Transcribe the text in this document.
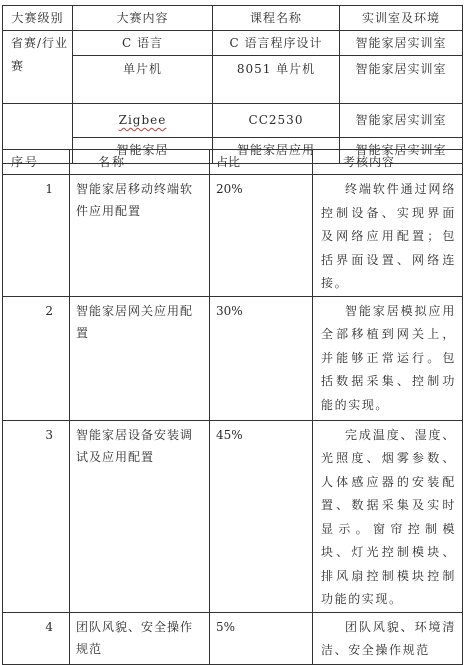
大赛级别	大赛内容	课程名称	实训室及环境
省赛/行业赛	C 语言	C 语言程序设计	智能家居实训室
	单片机	8051 单片机	智能家居实训室
	Zigbee	CC2530	智能家居实训室
	智能家居	智能家居应用	智能家居实训室
序号	名称	占比	考核内容
1	智能家居移动终端软件应用配置	20%	终端软件通过网络控制设备、实现界面及网络应用配置；包括界面设置、网络连接。
2	智能家居网关应用配置	30%	智能家居模拟应用全部移植到网关上，并能够正常运行。包括数据采集、控制功能的实现。
3	智能家居设备安装调试及应用配置	45%	完成温度、湿度、光照度、烟雾参数、人体感应器的安装配置、数据采集及实时显示。窗帘控制模块、灯光控制模块、排风扇控制模块控制功能的实现。
4	团队风貌、安全操作规范	5%	团队风貌、环境清洁、安全操作规范
